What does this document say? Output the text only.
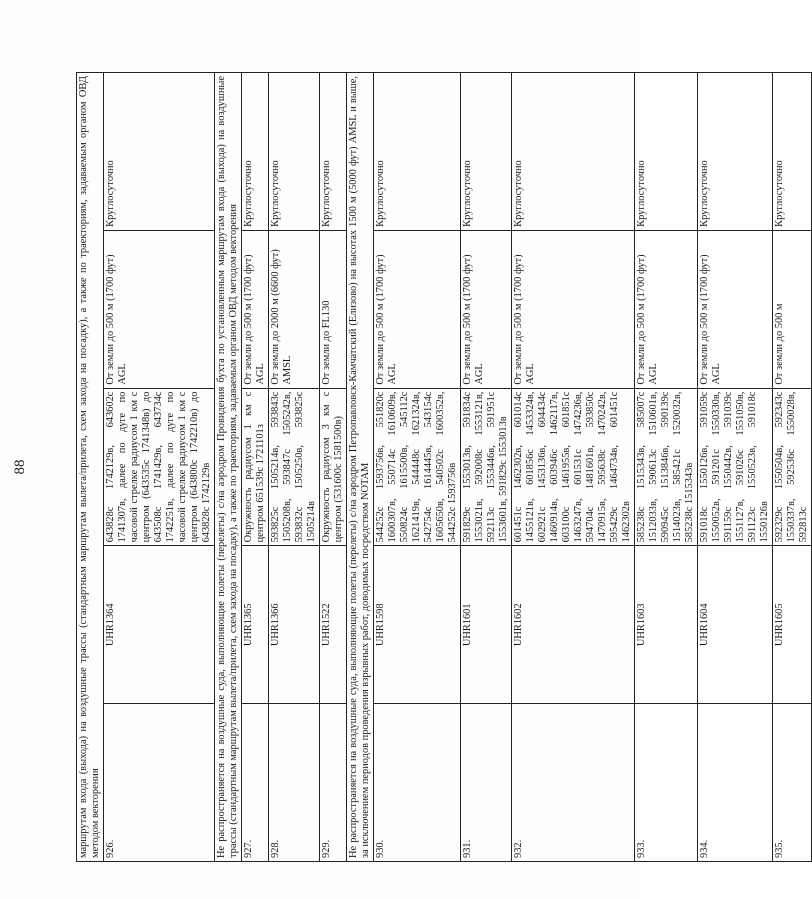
88	маршрутам входа (выхода) на воздушные трассы (стандартным маршрутам вылета/прилета, схем захода на посадку), а также по траекториям, задаваемым органом ОВД методом векторения				
926.	UHR1364	643828с 1742129в, 643602с 1741307в, далее по дуге по часовой стрелке радиусом 1 км с центром (643535с 1741348в) до 643508с 1741429в, 643734с 1742251в, далее по дуге по часовой стрелке радиусом 1 км с центром (643800с 1742210в) до 643828с 1742129в	От земли до 500 м (1700 фут) AGL	Круглосуточно
Не распространяется на воздушные суда, выполняющие полеты (перелеты) с/на аэродром Провидения бухта по установленным маршрутам входа (выхода) на воздушные трассы (стандартным маршрутам вылета/прилета, схем захода на посадку), а также по траекториям, задаваемым органом ОВД методом векторения				
927.	UHR1365	Окружность радиусом 1 км с центром 651539с 1721101з	От земли до 500 м (1700 фут) AGL	Круглосуточно
928.	UHR1366	593825с 1505214в, 593843с 1505208в, 593847с 1505242в, 593832с 1505250в, 593825с 1505214в	От земли до 2000 м (6600 фут) AMSL	Круглосуточно
929.	UHR1522	Окружность радиусом 3 км с центром (531600с 1581500в)	От земли до FL130	Круглосуточно
Не распространяется на воздушные суда, выполняющие полеты (перелеты) с/на аэродром Петропавловск-Камчатский (Елизово) на высотах 1500 м (5000 фут) AMSL и выше, за исключением периодов проведения взрывных работ, доводимых посредством NOTAM				
930.	UHR1598	544252с 1593756в, 551820с 1600307в, 550714с 1610609в, 550824с 1615500в, 545112с 1621419в, 544448с 1621324в, 542754с 1614445в, 543154с 1605650в, 540502с 1600352в, 544252с 1593756в	От земли до 500 м (1700 фут) AGL	Круглосуточно
931.	UHR1601	591829с 1553013в, 591834с 1553021в, 592008с 1553121в, 592113с 1553446в, 591951с 1553601в, 591829с 1553013в	От земли до 500 м (1700 фут) AGL	Круглосуточно
932.	UHR1602	601451с 1462302в, 601014с 1455121в, 601856с 1453324в, 602921с 1453136в, 604434с 1460914в, 603946с 1462117в, 603100с 1461955в, 601851с 1463247в, 601531с 1474236в, 594704с 1481601в, 593850с 1470915в, 595638с 1470242в, 595429с 1464734в, 601451с 1462302в	От земли до 500 м (1700 фут) AGL	Круглосуточно
933.	UHR1603	585238с 1515343в, 585007с 1512033в, 590613с 1510601в, 590945с 1513846в, 590139с 1514023в, 585421с 1520032в, 585238с 1515343в	От земли до 500 м (1700 фут) AGL	Круглосуточно
934.	UHR1604	591018с 1550126в, 591059с 1550052в, 591201с 1550330в, 591159с 1550442в, 591039с 1551127в, 591026с 1551050в, 591123с 1550523в, 591018с 1550126в	От земли до 500 м (1700 фут) AGL	Круглосуточно
935.	UHR1605	592329с 1550504в, 592343с 1550337в, 592536с 1550028в, 592813с	От земли до 500 м	Круглосуточно
